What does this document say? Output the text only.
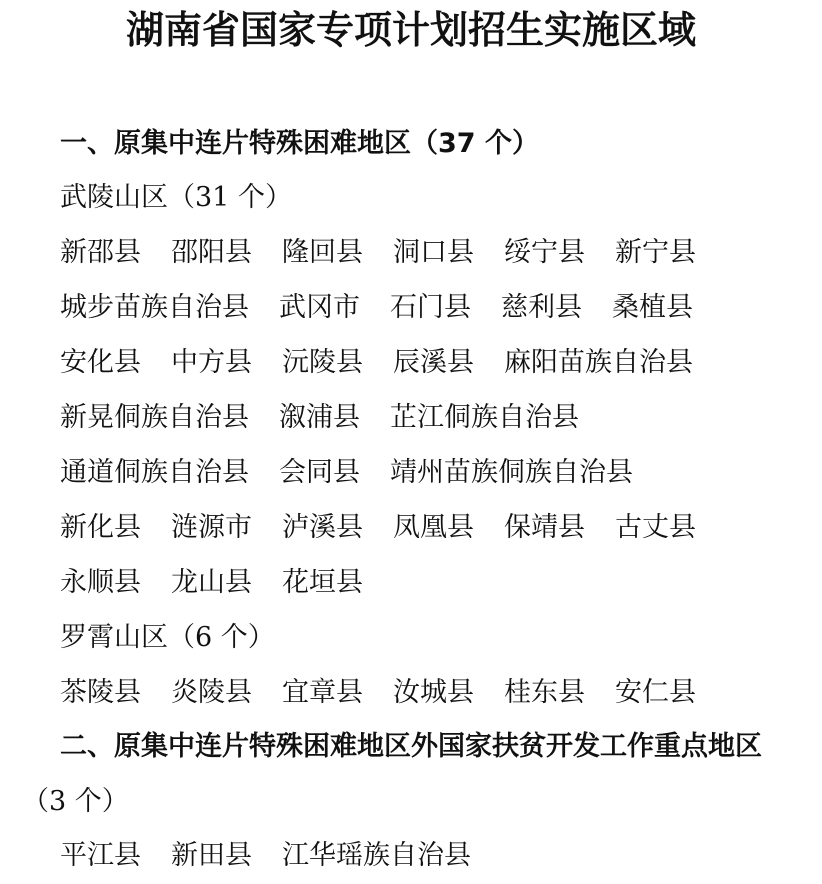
湖南省国家专项计划招生实施区域
一、原集中连片特殊困难地区（37 个）
武陵山区（31 个）
新邵县 邵阳县 隆回县 洞口县 绥宁县 新宁县
城步苗族自治县 武冈市 石门县 慈利县 桑植县
安化县 中方县 沅陵县 辰溪县 麻阳苗族自治县
新晃侗族自治县 溆浦县 芷江侗族自治县
通道侗族自治县 会同县 靖州苗族侗族自治县
新化县 涟源市 泸溪县 凤凰县 保靖县 古丈县
永顺县 龙山县 花垣县
罗霄山区（6 个）
茶陵县 炎陵县 宜章县 汝城县 桂东县 安仁县
二、原集中连片特殊困难地区外国家扶贫开发工作重点地区
（3 个）
平江县 新田县 江华瑶族自治县
